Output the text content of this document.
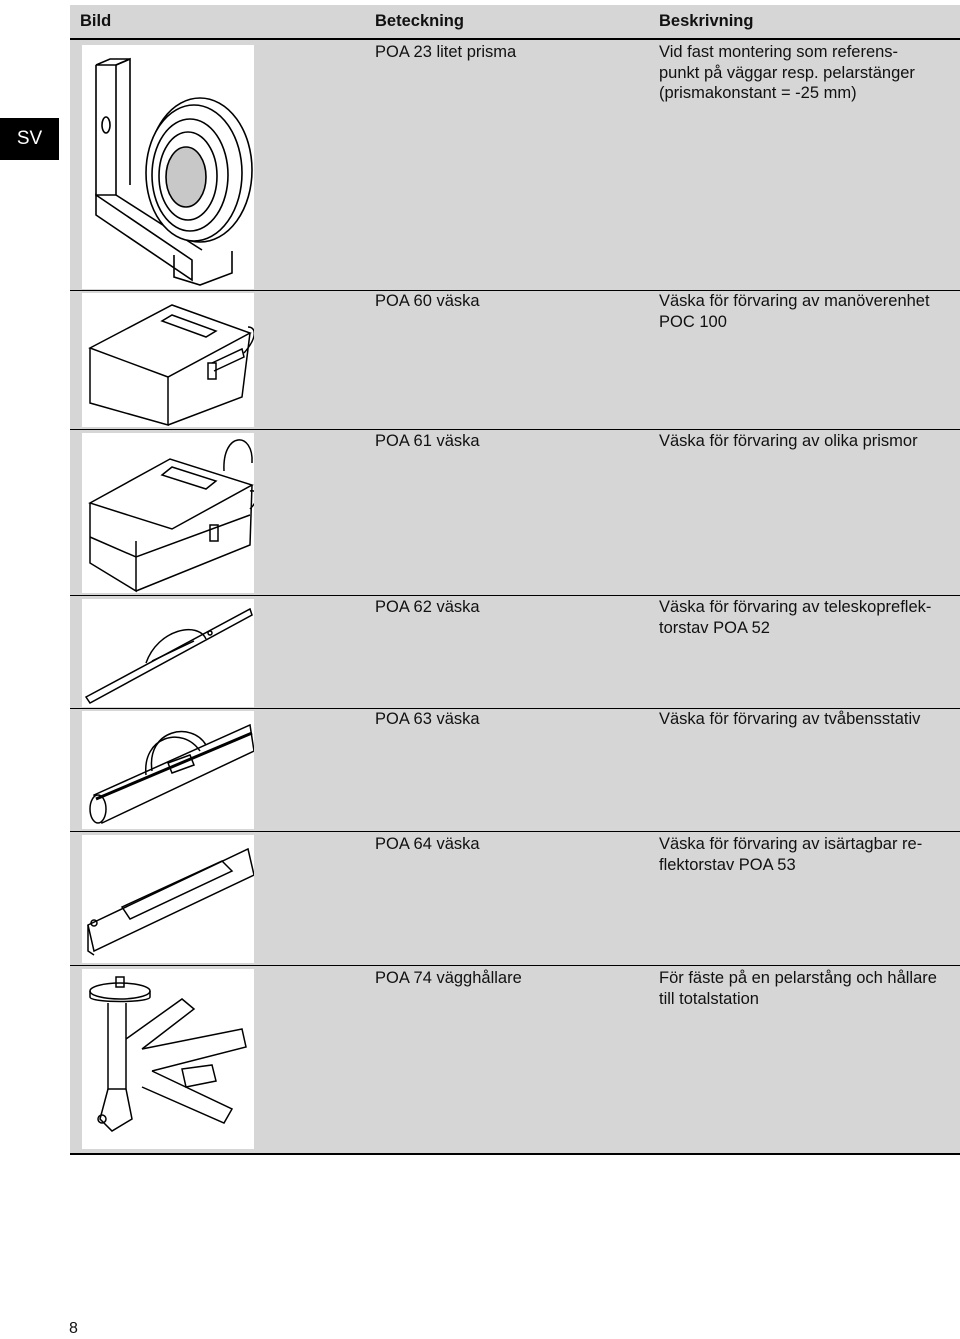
SV
Bild	Beteckning	Beskrivning
POA 23 litet prisma	Vid fast montering som referens-
punkt på väggar resp. pelarstänger
(prismakonstant = -25 mm)
POA 60 väska	Väska för förvaring av manöverenhet
POC 100
POA 61 väska	Väska för förvaring av olika prismor
POA 62 väska	Väska för förvaring av teleskopreflek-
torstav POA 52
POA 63 väska	Väska för förvaring av tvåbensstativ
POA 64 väska	Väska för förvaring av isärtagbar re-
flektorstav POA 53
POA 74 vägghållare	För fäste på en pelarstång och hållare
till totalstation
8
